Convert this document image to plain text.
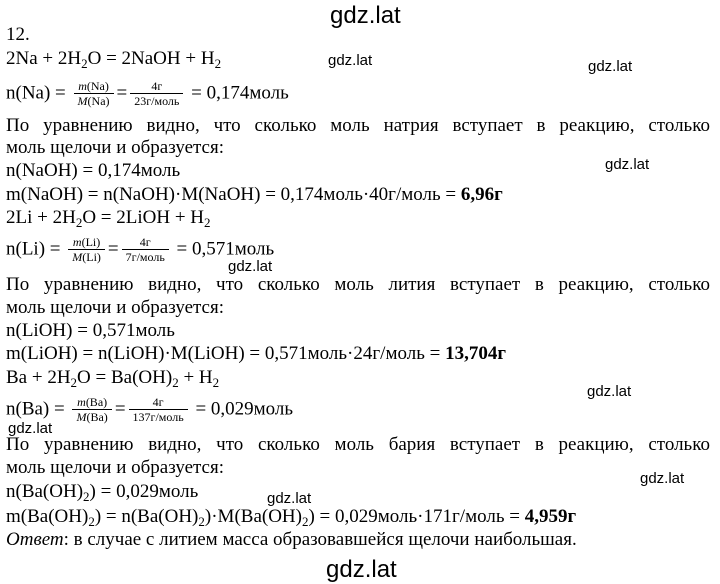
gdz.lat
gdz.lat	gdz.lat
gdz.lat
gdz.lat
gdz.lat
gdz.lat
gdz.lat
gdz.lat
gdz.lat
12.
$2Na + 2H_2O$ = 2NaOH + $H_2$
$n(Na) = \frac{m(Na)}{M(Na)} = \frac{4г}{\text{23г/моль}}$ = 0,174моль
По уравнению видно, что сколько моль натрия вступает в реакцию, столько
моль щелочи и образуется:
n(NaOH) = 0,174моль
m(NaOH) = n(NaOH)·M(NaOH) = 0,174моль·40г/моль = 6,96г
$2Li + 2H_2O$ = 2LiOH + $H_2$
$n(Li) = \frac{m(Li)}{M(Li)} = \frac{4г}{\text{7г/моль}}$ = 0,571моль
По уравнению видно, что сколько моль лития вступает в реакцию, столько
моль щелочи и образуется:
n(LiOH) = 0,571моль
m(LiOH) = n(LiOH)·M(LiOH) = 0,571моль·24г/моль = 13,704г
$Ba + 2H_2O = Ba(OH)_2 + H_2$
$n(Ba) = \frac{m(Ba)}{M(Ba)} = \frac{4г}{\text{137г/моль}}$ = 0,029моль
По уравнению видно, что сколько моль бария вступает в реакцию, столько
моль щелочи и образуется:
$n(Ba(OH)_2)$ = 0,029моль
$m(Ba(OH)_2) = n(Ba(OH)_2)\cdot M(Ba(OH)_2)$ = 0,029моль·171г/моль = 4,959г
Ответ: в случае с литием масса образовавшейся щелочи наибольшая.
